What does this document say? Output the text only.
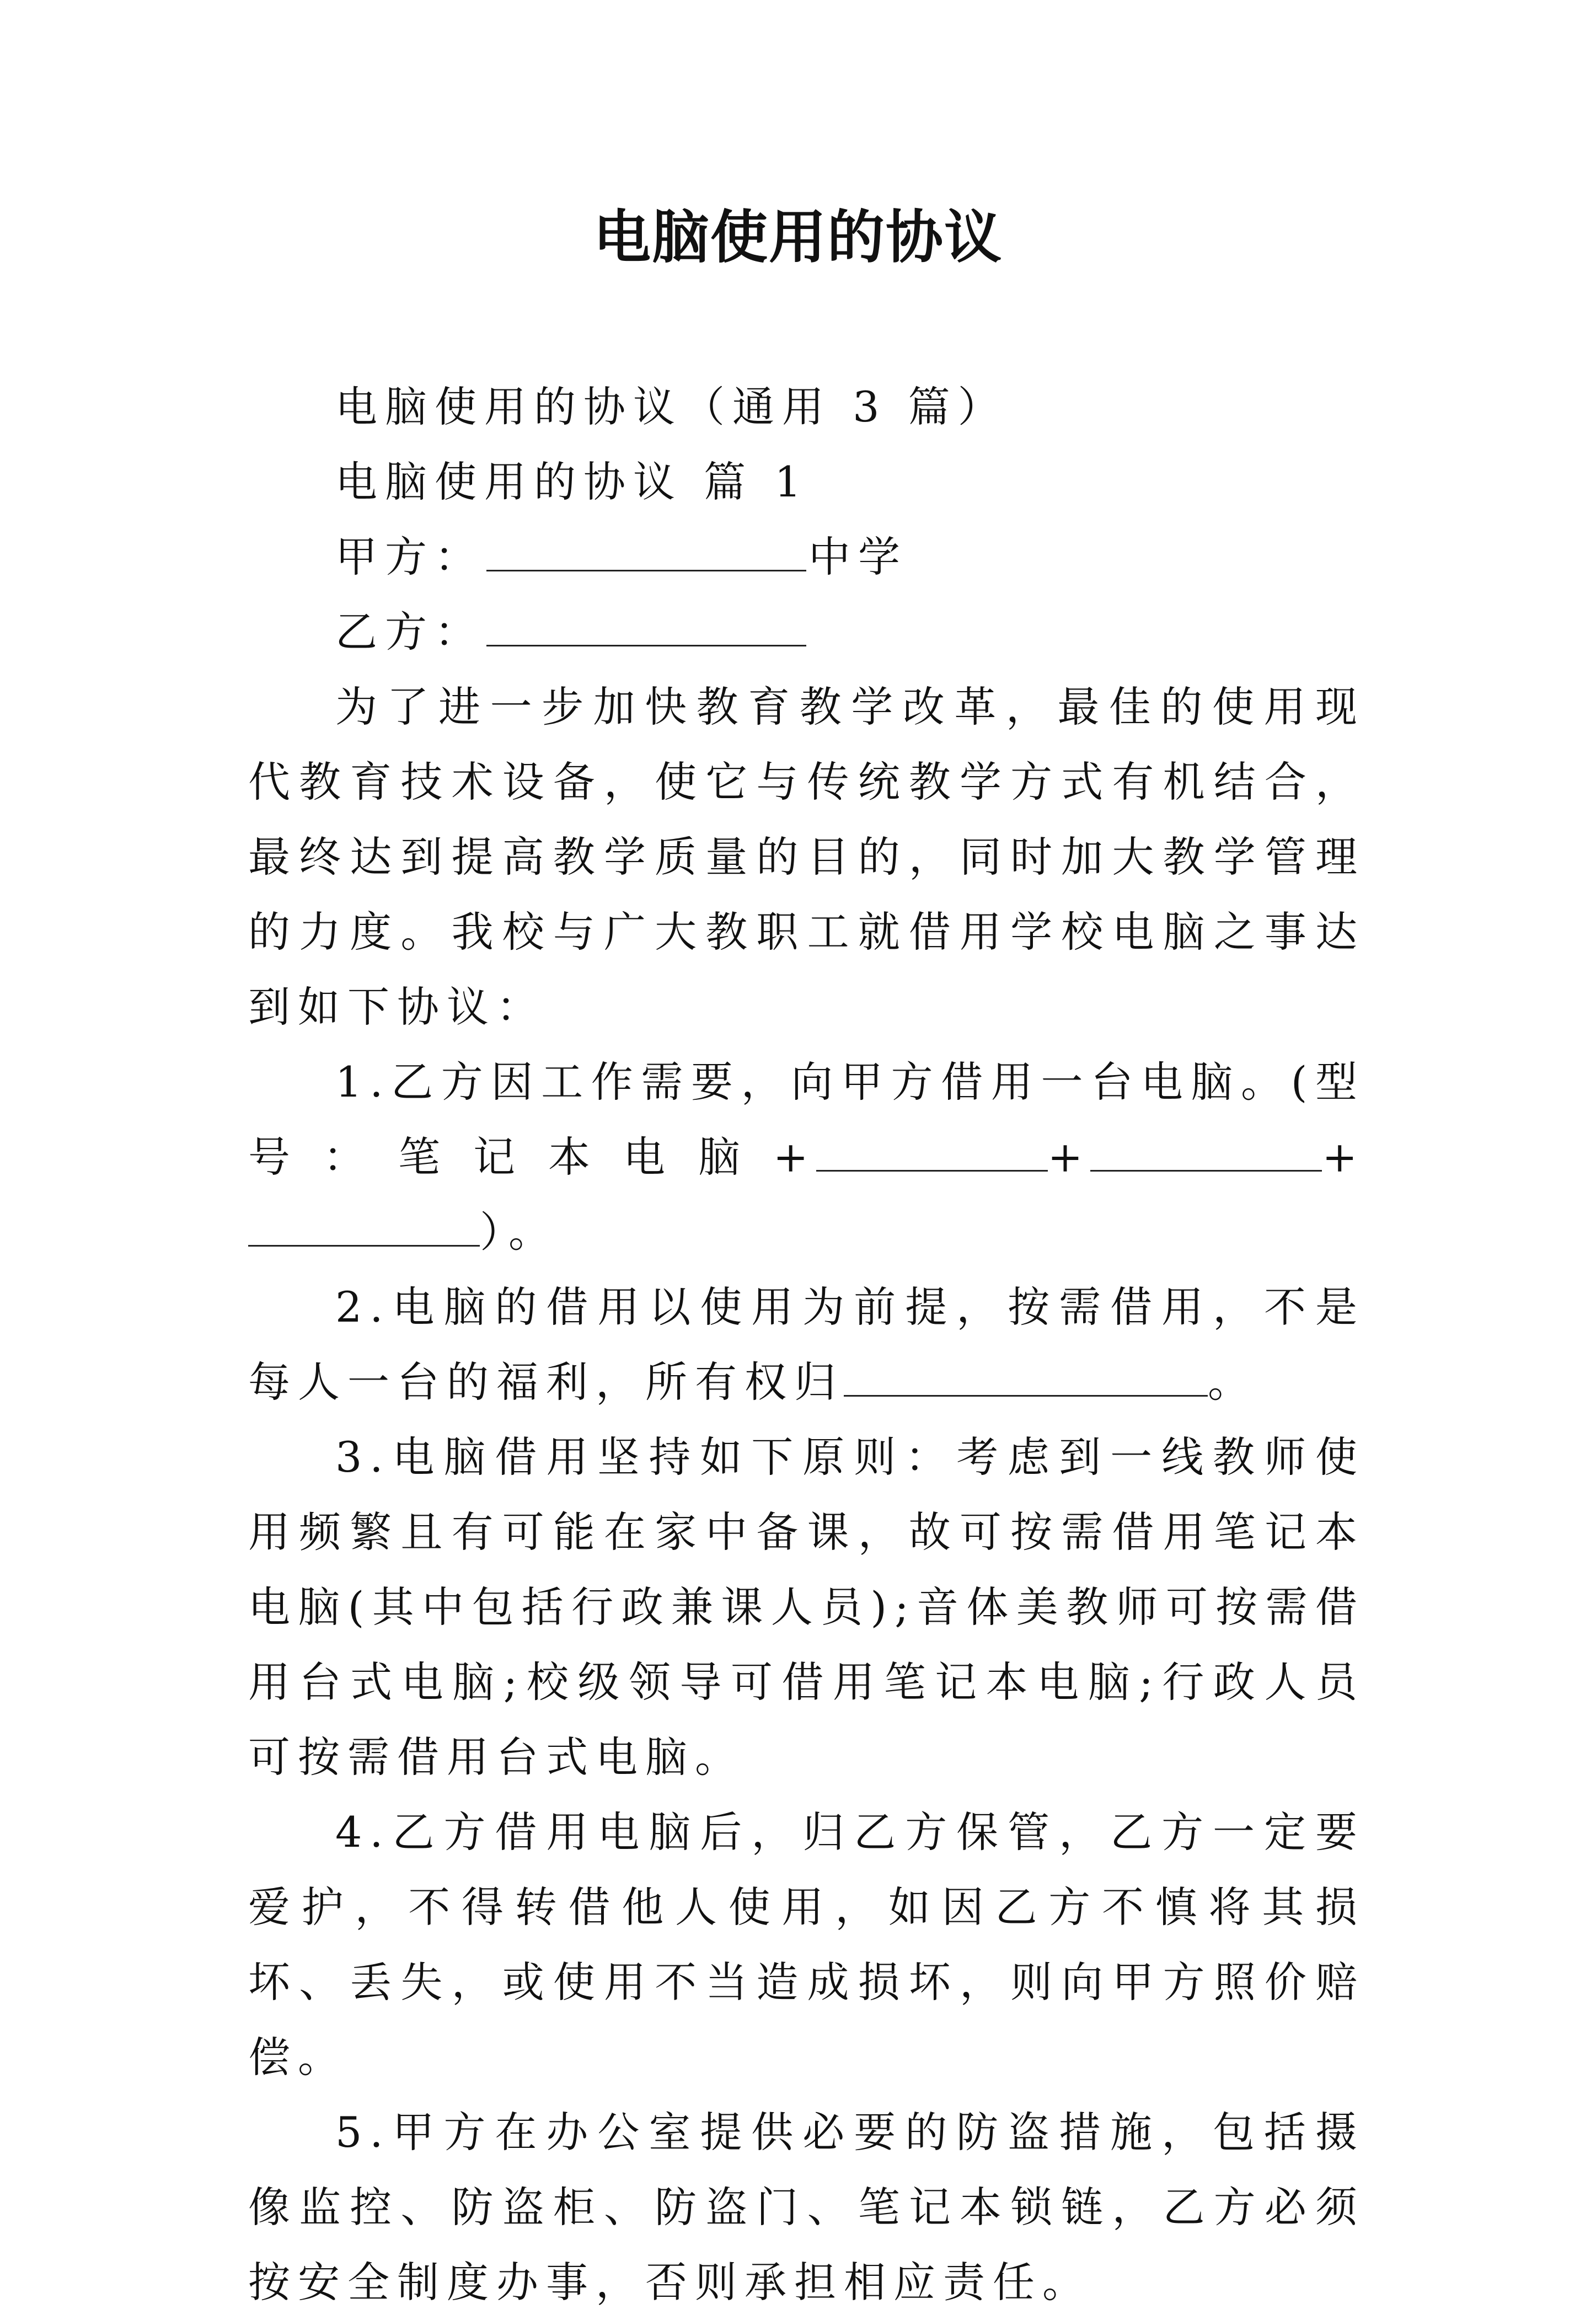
电脑使用的协议

电脑使用的协议（通用 3 篇）

电脑使用的协议 篇 1

甲方：	中学

乙方：

为了进一步加快教育教学改革，最佳的使用现代教育技术设备，使它与传统教学方式有机结合，最终达到提高教学质量的目的，同时加大教学管理的力度。我校与广大教职工就借用学校电脑之事达到如下协议：

1.乙方因工作需要，向甲方借用一台电脑。(型号：笔记本电脑+	+	+）。

2.电脑的借用以使用为前提，按需借用，不是每人一台的福利，所有权归	。

3.电脑借用坚持如下原则：考虑到一线教师使用频繁且有可能在家中备课，故可按需借用笔记本电脑(其中包括行政兼课人员);音体美教师可按需借用台式电脑;校级领导可借用笔记本电脑;行政人员可按需借用台式电脑。

4.乙方借用电脑后，归乙方保管，乙方一定要爱护，不得转借他人使用，如因乙方不慎将其损坏、丢失，或使用不当造成损坏，则向甲方照价赔偿。

5.甲方在办公室提供必要的防盗措施，包括摄像监控、防盗柜、防盗门、笔记本锁链，乙方必须按安全制度办事，否则承担相应责任。
